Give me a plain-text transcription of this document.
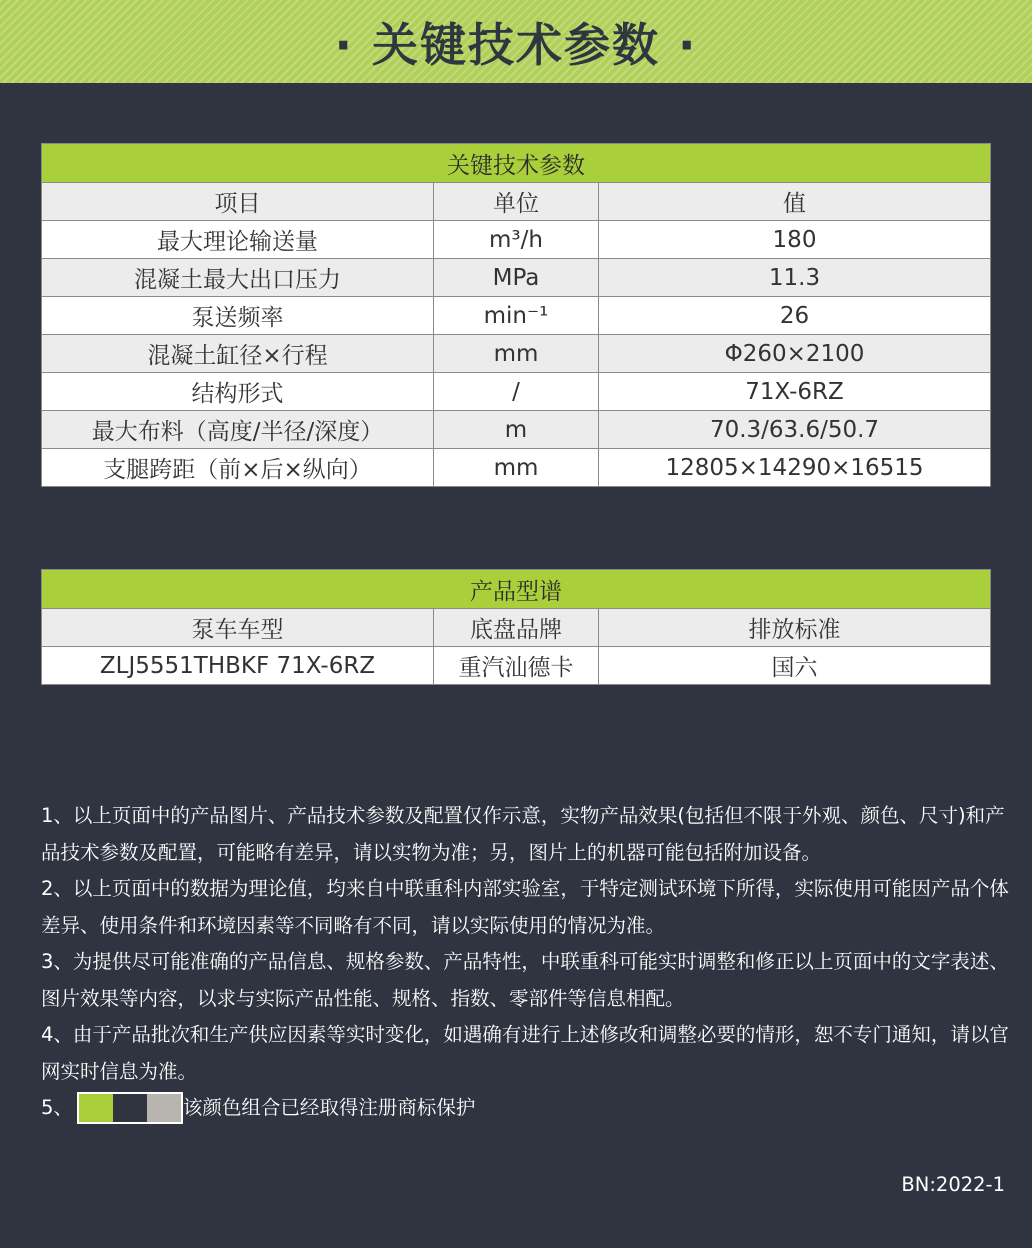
· 关键技术参数 ·
关键技术参数		
项目	单位	值
最大理论输送量	m³/h	180
混凝土最大出口压力	MPa	11.3
泵送频率	min⁻¹	26
混凝土缸径×行程	mm	Φ260×2100
结构形式	/	71X-6RZ
最大布料（高度/半径/深度）	m	70.3/63.6/50.7
支腿跨距（前×后×纵向）	mm	12805×14290×16515
产品型谱		
泵车车型	底盘品牌	排放标准
ZLJ5551THBKF 71X-6RZ	重汽汕德卡	国六

1、以上页面中的产品图片、产品技术参数及配置仅作示意，实物产品效果(包括但不限于外观、颜色、尺寸)和产品技术参数及配置，可能略有差异，请以实物为准；另，图片上的机器可能包括附加设备。

2、以上页面中的数据为理论值，均来自中联重科内部实验室，于特定测试环境下所得，实际使用可能因产品个体差异、使用条件和环境因素等不同略有不同，请以实际使用的情况为准。

3、为提供尽可能准确的产品信息、规格参数、产品特性，中联重科可能实时调整和修正以上页面中的文字表述、图片效果等内容，以求与实际产品性能、规格、指数、零部件等信息相配。

4、由于产品批次和生产供应因素等实时变化，如遇确有进行上述修改和调整必要的情形，恕不专门通知，请以官网实时信息为准。

5、	该颜色组合已经取得注册商标保护
BN:2022-1
